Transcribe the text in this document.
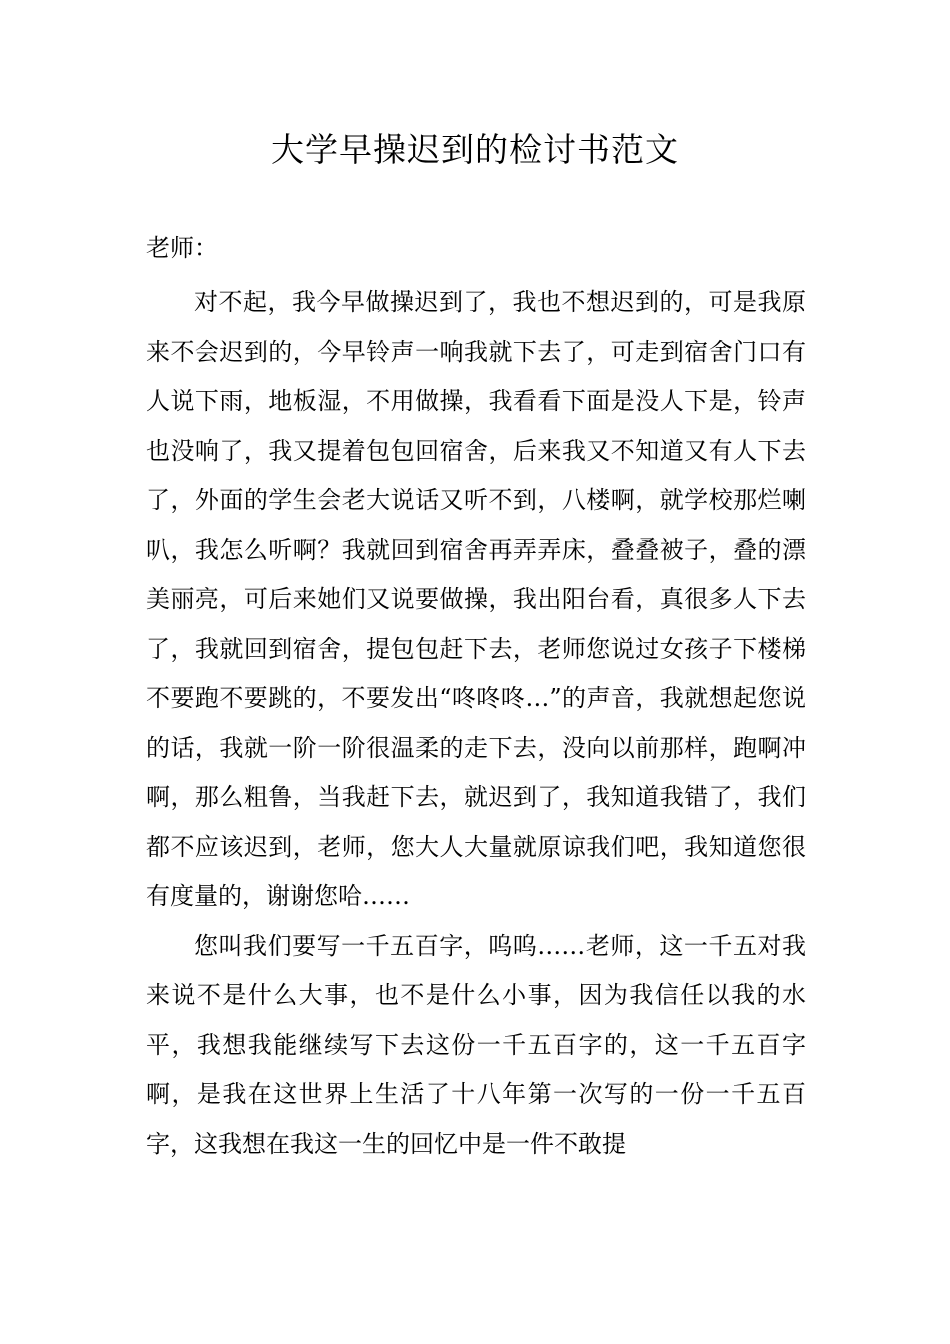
大学早操迟到的检讨书范文

老师：

对不起，我今早做操迟到了，我也不想迟到的，可是我原来不会迟到的，今早铃声一响我就下去了，可走到宿舍门口有人说下雨，地板湿，不用做操，我看看下面是没人下是，铃声也没响了，我又提着包包回宿舍，后来我又不知道又有人下去了，外面的学生会老大说话又听不到，八楼啊，就学校那烂喇叭，我怎么听啊？我就回到宿舍再弄弄床，叠叠被子，叠的漂美丽亮，可后来她们又说要做操，我出阳台看，真很多人下去了，我就回到宿舍，提包包赶下去，老师您说过女孩子下楼梯不要跑不要跳的，不要发出“咚咚咚…”的声音，我就想起您说的话，我就一阶一阶很温柔的走下去，没向以前那样，跑啊冲啊，那么粗鲁，当我赶下去，就迟到了，我知道我错了，我们都不应该迟到，老师，您大人大量就原谅我们吧，我知道您很有度量的，谢谢您哈……

您叫我们要写一千五百字，呜呜……老师，这一千五对我来说不是什么大事，也不是什么小事，因为我信任以我的水平，我想我能继续写下去这份一千五百字的，这一千五百字啊，是我在这世界上生活了十八年第一次写的一份一千五百字，这我想在我这一生的回忆中是一件不敢提
